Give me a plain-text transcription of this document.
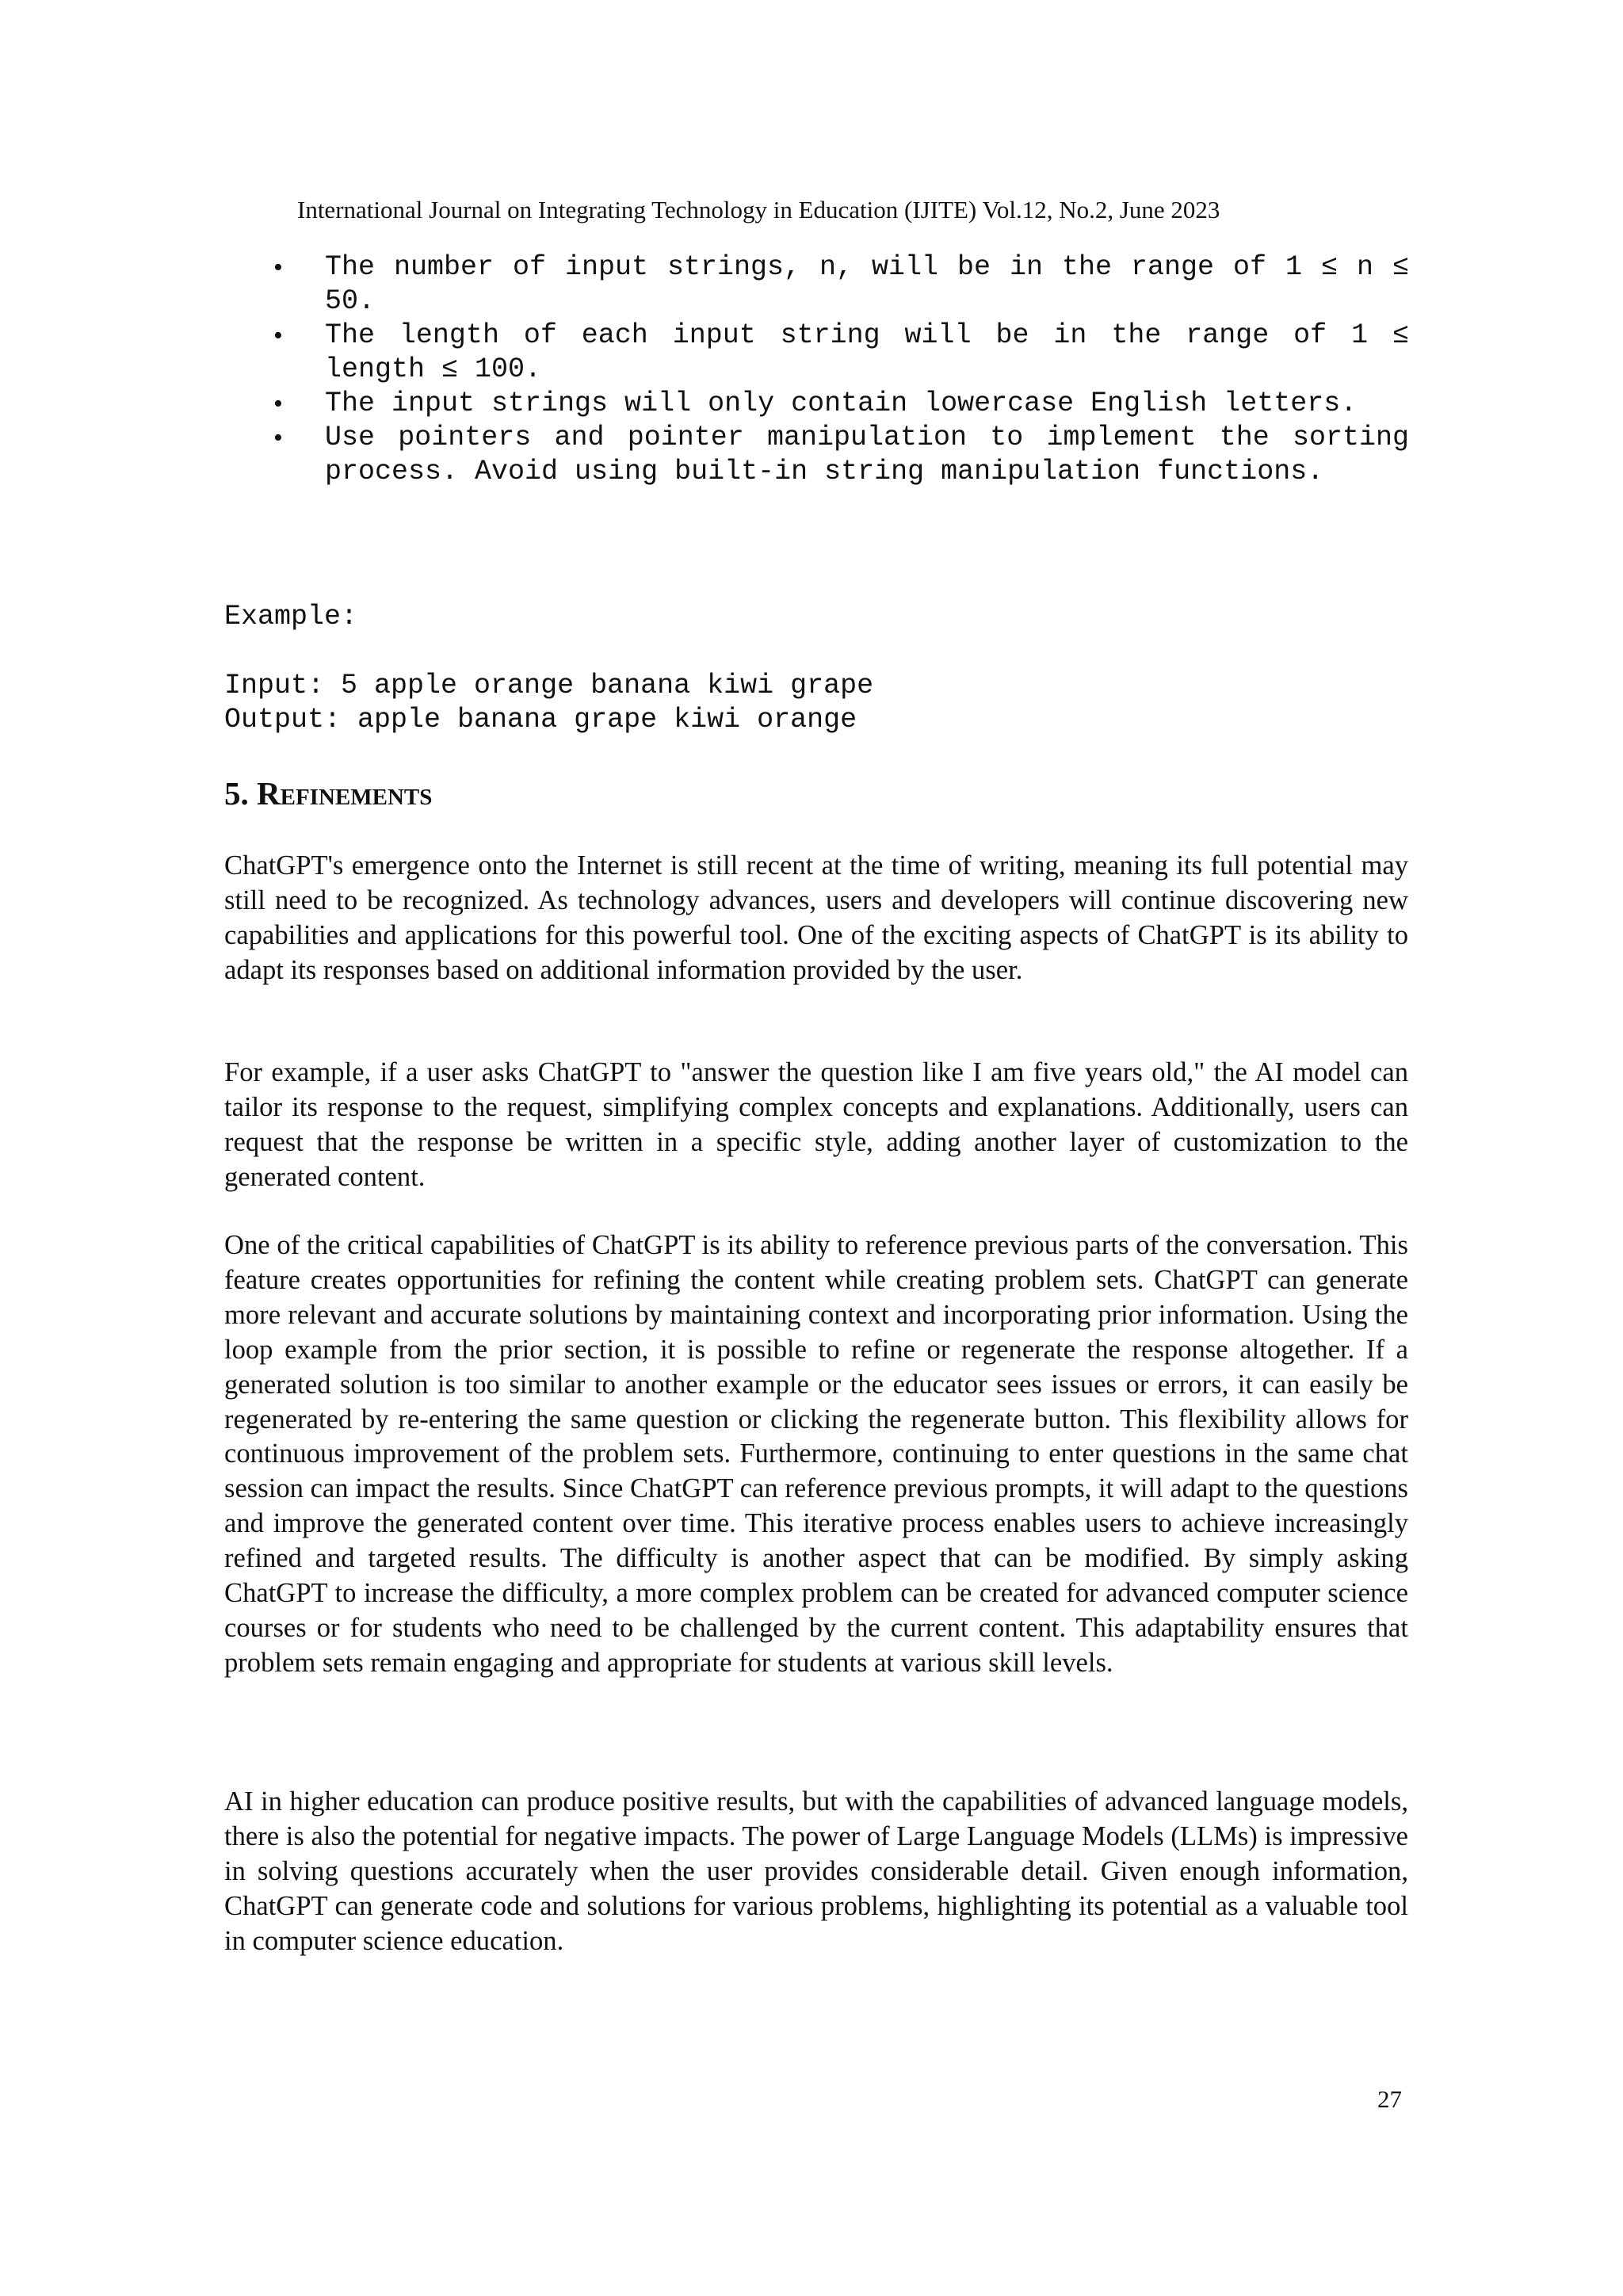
International Journal on Integrating Technology in Education (IJITE) Vol.12, No.2, June 2023
• The number of input strings, n, will be in the range of 1 ≤ n ≤ 50.
• The length of each input string will be in the range of 1 ≤ length ≤ 100.
• The input strings will only contain lowercase English letters.
• Use pointers and pointer manipulation to implement the sorting process. Avoid using built-in string manipulation functions.
Example:
Input: 5 apple orange banana kiwi grape
Output: apple banana grape kiwi orange
5. Refinements

ChatGPT's emergence onto the Internet is still recent at the time of writing, meaning its full potential may still need to be recognized. As technology advances, users and developers will continue discovering new capabilities and applications for this powerful tool. One of the exciting aspects of ChatGPT is its ability to adapt its responses based on additional information provided by the user.

For example, if a user asks ChatGPT to "answer the question like I am five years old," the AI model can tailor its response to the request, simplifying complex concepts and explanations. Additionally, users can request that the response be written in a specific style, adding another layer of customization to the generated content.

One of the critical capabilities of ChatGPT is its ability to reference previous parts of the conversation. This feature creates opportunities for refining the content while creating problem sets. ChatGPT can generate more relevant and accurate solutions by maintaining context and incorporating prior information. Using the loop example from the prior section, it is possible to refine or regenerate the response altogether. If a generated solution is too similar to another example or the educator sees issues or errors, it can easily be regenerated by re-entering the same question or clicking the regenerate button. This flexibility allows for continuous improvement of the problem sets. Furthermore, continuing to enter questions in the same chat session can impact the results. Since ChatGPT can reference previous prompts, it will adapt to the questions and improve the generated content over time. This iterative process enables users to achieve increasingly refined and targeted results. The difficulty is another aspect that can be modified. By simply asking ChatGPT to increase the difficulty, a more complex problem can be created for advanced computer science courses or for students who need to be challenged by the current content. This adaptability ensures that problem sets remain engaging and appropriate for students at various skill levels.

AI in higher education can produce positive results, but with the capabilities of advanced language models, there is also the potential for negative impacts. The power of Large Language Models (LLMs) is impressive in solving questions accurately when the user provides considerable detail. Given enough information, ChatGPT can generate code and solutions for various problems, highlighting its potential as a valuable tool in computer science education.

27
